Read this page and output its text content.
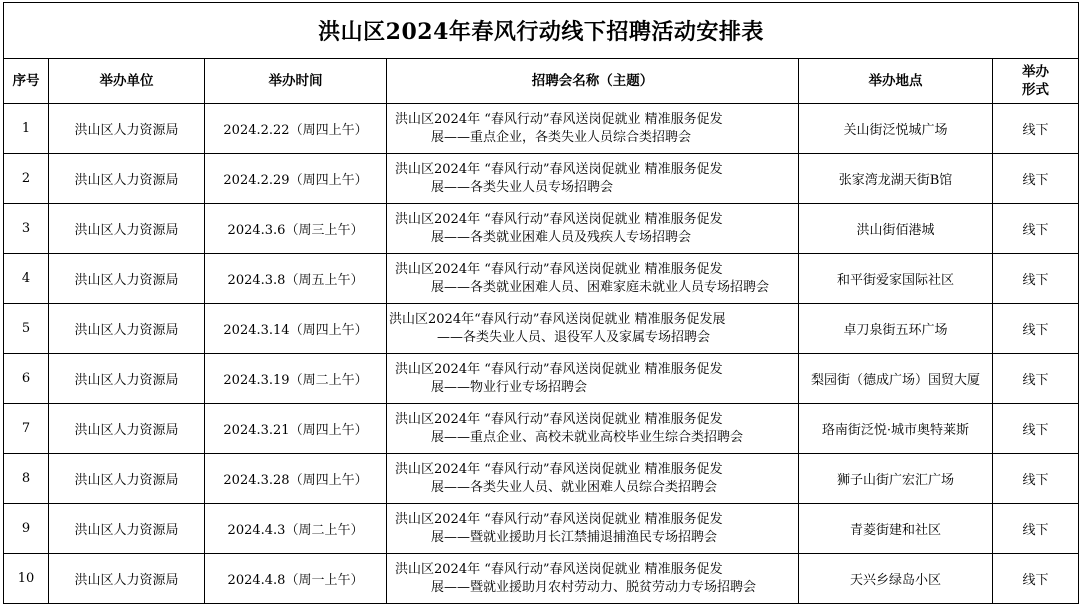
洪山区2024年春风行动线下招聘活动安排表					
序号	举办单位	举办时间	招聘会名称（主题）	举办地点	举办
形式

1	洪山区人力资源局	2024.2.22（周四上午）	洪山区2024年 “春风行动”春风送岗促就业 精准服务促发
展——重点企业，各类失业人员综合类招聘会	关山街泛悦城广场	线下
2	洪山区人力资源局	2024.2.29（周四上午）	洪山区2024年 “春风行动”春风送岗促就业 精准服务促发
展——各类失业人员专场招聘会	张家湾龙湖天街B馆	线下
3	洪山区人力资源局	2024.3.6（周三上午）	洪山区2024年 “春风行动”春风送岗促就业 精准服务促发
展——各类就业困难人员及残疾人专场招聘会	洪山街佰港城	线下
4	洪山区人力资源局	2024.3.8（周五上午）	洪山区2024年 “春风行动”春风送岗促就业 精准服务促发
展——各类就业困难人员、困难家庭未就业人员专场招聘会	和平街爱家国际社区	线下
5	洪山区人力资源局	2024.3.14（周四上午）	洪山区2024年“春风行动”春风送岗促就业 精准服务促发展
——各类失业人员、退役军人及家属专场招聘会	卓刀泉街五环广场	线下
6	洪山区人力资源局	2024.3.19（周二上午）	洪山区2024年 “春风行动”春风送岗促就业 精准服务促发
展——物业行业专场招聘会	梨园街（德成广场）国贸大厦	线下
7	洪山区人力资源局	2024.3.21（周四上午）	洪山区2024年 “春风行动”春风送岗促就业 精准服务促发
展——重点企业、高校未就业高校毕业生综合类招聘会	珞南街泛悦·城市奥特莱斯	线下
8	洪山区人力资源局	2024.3.28（周四上午）	洪山区2024年 “春风行动”春风送岗促就业 精准服务促发
展——各类失业人员、就业困难人员综合类招聘会	狮子山街广宏汇广场	线下
9	洪山区人力资源局	2024.4.3（周二上午）	洪山区2024年 “春风行动”春风送岗促就业 精准服务促发
展——暨就业援助月长江禁捕退捕渔民专场招聘会	青菱街建和社区	线下
10	洪山区人力资源局	2024.4.8（周一上午）	洪山区2024年 “春风行动”春风送岗促就业 精准服务促发
展——暨就业援助月农村劳动力、脱贫劳动力专场招聘会	天兴乡绿岛小区	线下
